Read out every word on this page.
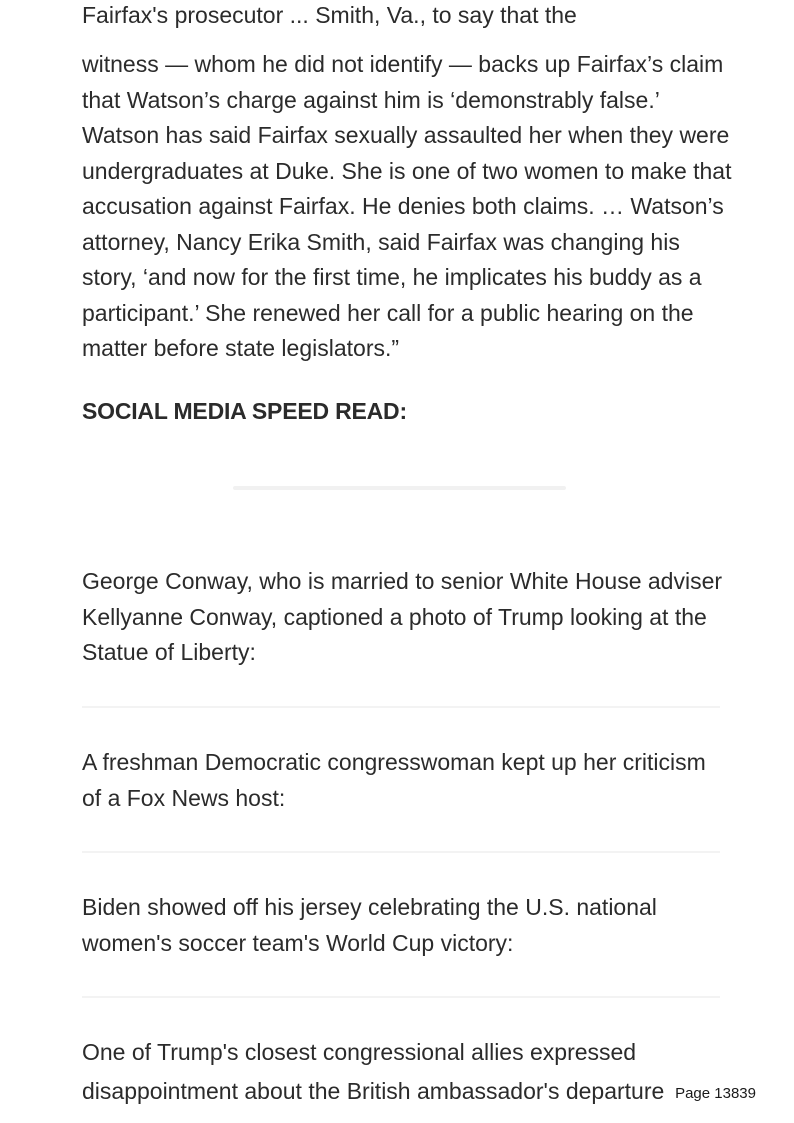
Fairfax's prosecutor ... Smith, Va., to say that the

witness — whom he did not identify — backs up Fairfax’s claim that Watson’s charge against him is ‘demonstrably false.’ Watson has said Fairfax sexually assaulted her when they were undergraduates at Duke. She is one of two women to make that accusation against Fairfax. He denies both claims. … Watson’s attorney, Nancy Erika Smith, said Fairfax was changing his story, ‘and now for the first time, he implicates his buddy as a participant.’ She renewed her call for a public hearing on the matter before state legislators.”

SOCIAL MEDIA SPEED READ:

George Conway, who is married to senior White House adviser Kellyanne Conway, captioned a photo of Trump looking at the Statue of Liberty:

A freshman Democratic congresswoman kept up her criticism of a Fox News host:

Biden showed off his jersey celebrating the U.S. national women's soccer team's World Cup victory:

One of Trump's closest congressional allies expressed

disappointment about the British ambassador's departure Page 13839
